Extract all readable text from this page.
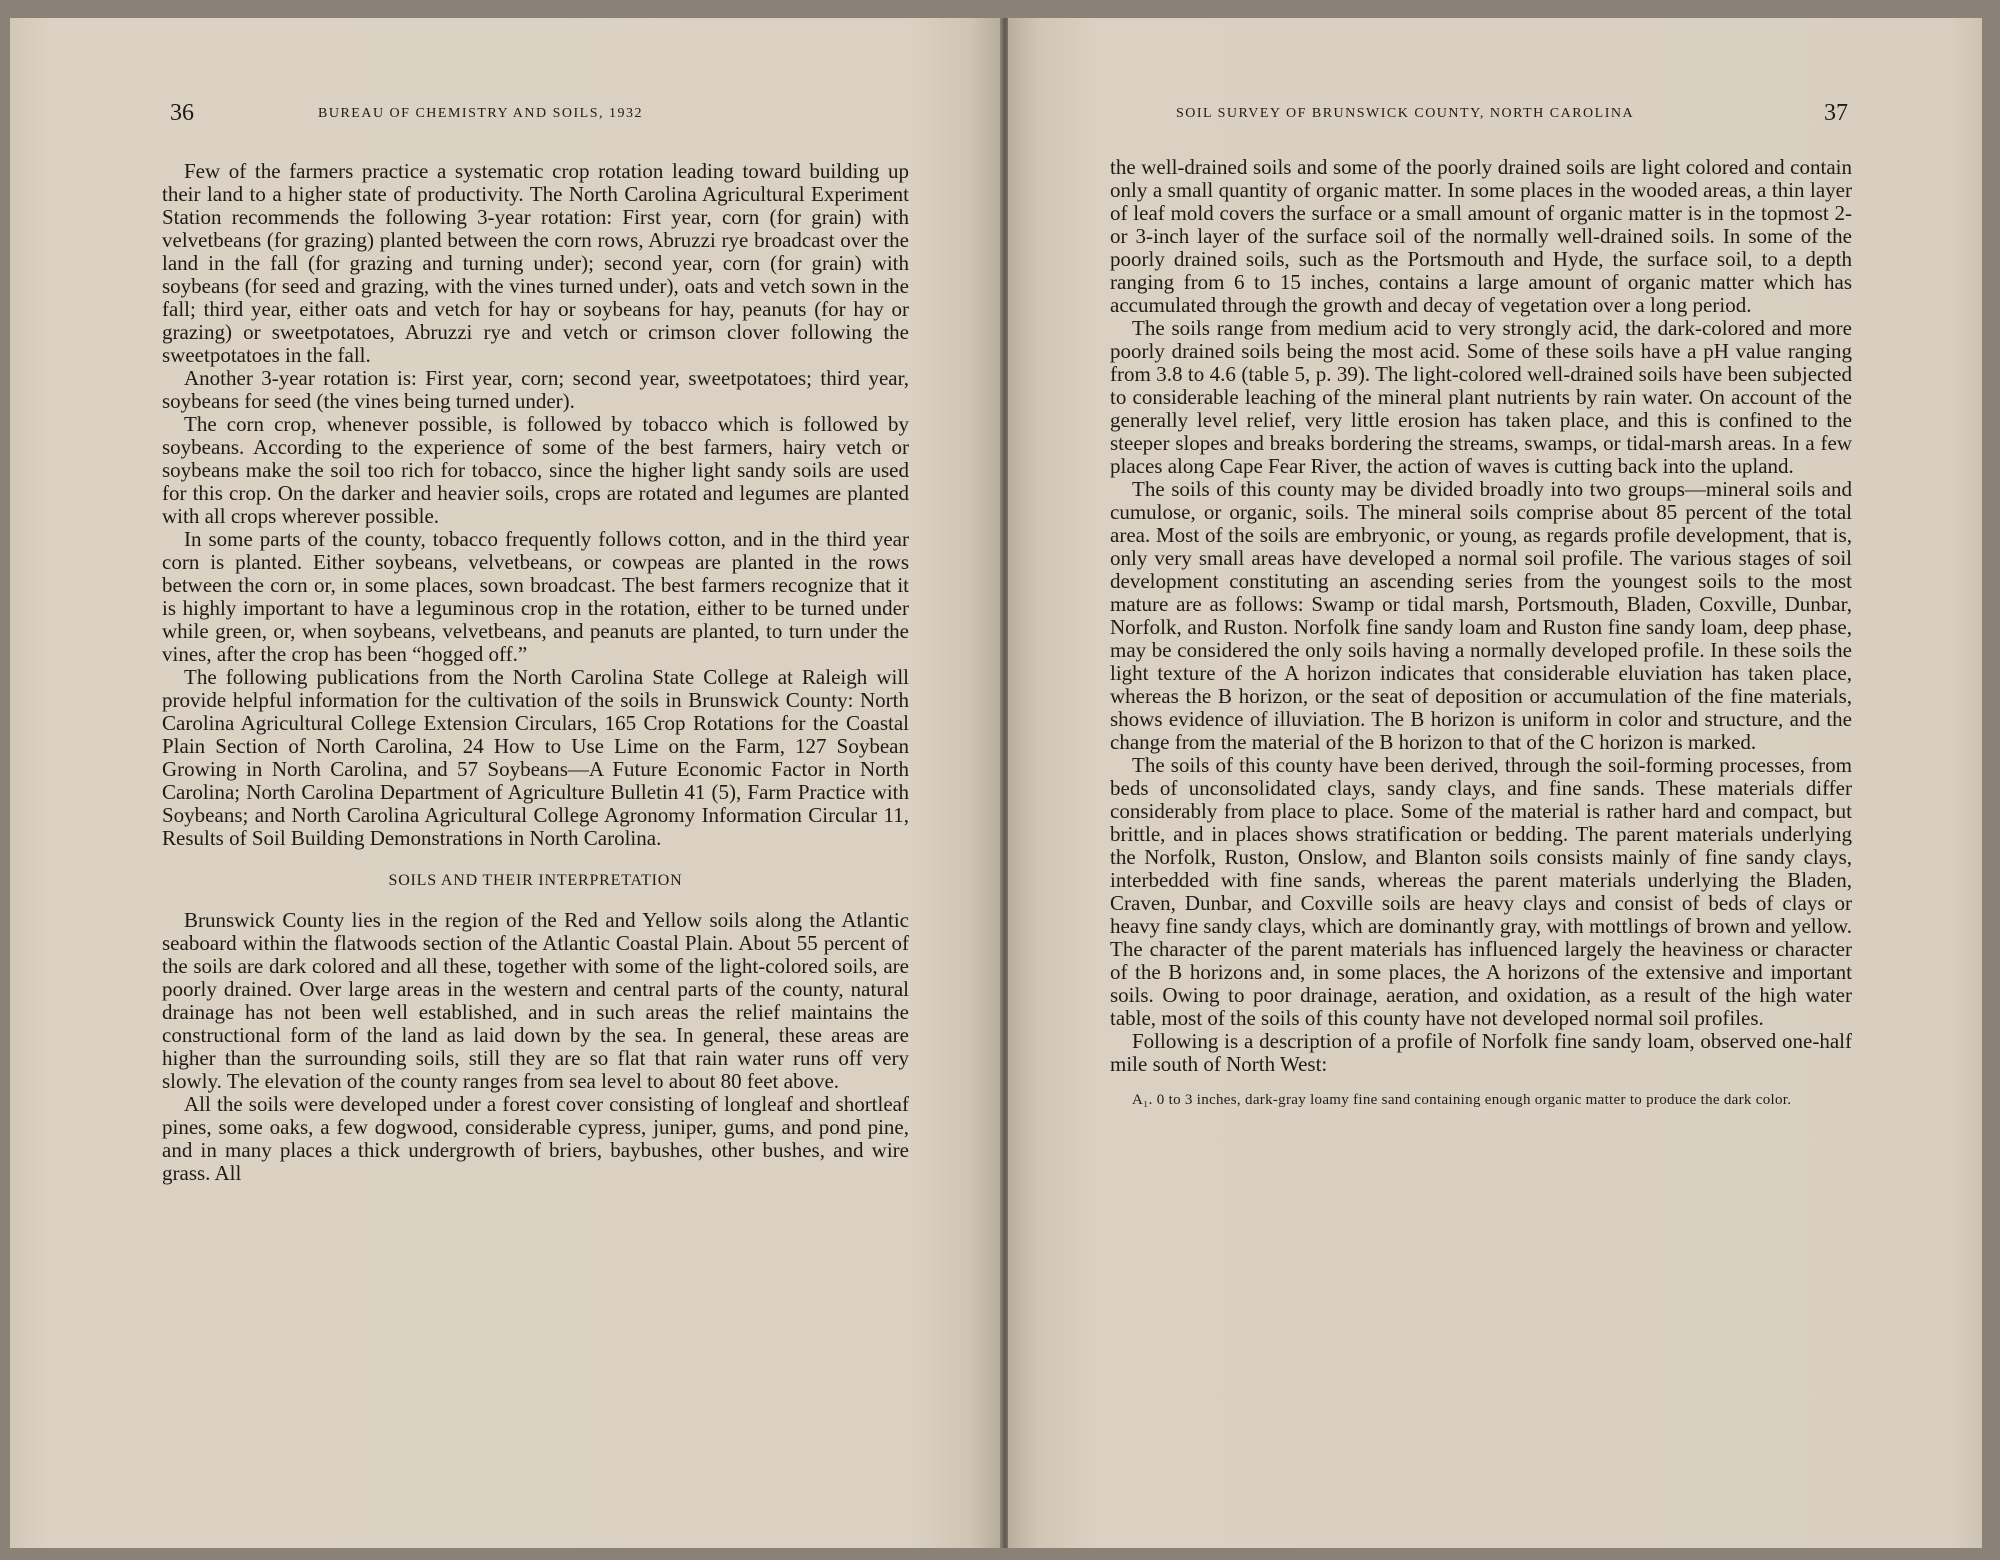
36	BUREAU OF CHEMISTRY AND SOILS, 1932

Few of the farmers practice a systematic crop rotation leading toward building up their land to a higher state of productivity. The North Carolina Agricultural Experiment Station recommends the following 3-year rotation: First year, corn (for grain) with velvetbeans (for grazing) planted between the corn rows, Abruzzi rye broadcast over the land in the fall (for grazing and turning under); second year, corn (for grain) with soybeans (for seed and grazing, with the vines turned under), oats and vetch sown in the fall; third year, either oats and vetch for hay or soybeans for hay, peanuts (for hay or grazing) or sweetpotatoes, Abruzzi rye and vetch or crimson clover following the sweetpotatoes in the fall.

Another 3-year rotation is: First year, corn; second year, sweetpotatoes; third year, soybeans for seed (the vines being turned under).

The corn crop, whenever possible, is followed by tobacco which is followed by soybeans. According to the experience of some of the best farmers, hairy vetch or soybeans make the soil too rich for tobacco, since the higher light sandy soils are used for this crop. On the darker and heavier soils, crops are rotated and legumes are planted with all crops wherever possible.

In some parts of the county, tobacco frequently follows cotton, and in the third year corn is planted. Either soybeans, velvetbeans, or cowpeas are planted in the rows between the corn or, in some places, sown broadcast. The best farmers recognize that it is highly important to have a leguminous crop in the rotation, either to be turned under while green, or, when soybeans, velvetbeans, and peanuts are planted, to turn under the vines, after the crop has been “hogged off.”

The following publications from the North Carolina State College at Raleigh will provide helpful information for the cultivation of the soils in Brunswick County: North Carolina Agricultural College Extension Circulars, 165 Crop Rotations for the Coastal Plain Section of North Carolina, 24 How to Use Lime on the Farm, 127 Soybean Growing in North Carolina, and 57 Soybeans—A Future Economic Factor in North Carolina; North Carolina Department of Agriculture Bulletin 41 (5), Farm Practice with Soybeans; and North Carolina Agricultural College Agronomy Information Circular 11, Results of Soil Building Demonstrations in North Carolina.

SOILS AND THEIR INTERPRETATION

Brunswick County lies in the region of the Red and Yellow soils along the Atlantic seaboard within the flatwoods section of the Atlantic Coastal Plain. About 55 percent of the soils are dark colored and all these, together with some of the light-colored soils, are poorly drained. Over large areas in the western and central parts of the county, natural drainage has not been well established, and in such areas the relief maintains the constructional form of the land as laid down by the sea. In general, these areas are higher than the surrounding soils, still they are so flat that rain water runs off very slowly. The elevation of the county ranges from sea level to about 80 feet above.

All the soils were developed under a forest cover consisting of longleaf and shortleaf pines, some oaks, a few dogwood, considerable cypress, juniper, gums, and pond pine, and in many places a thick undergrowth of briers, baybushes, other bushes, and wire grass. All

SOIL SURVEY OF BRUNSWICK COUNTY, NORTH CAROLINA	37

the well-drained soils and some of the poorly drained soils are light colored and contain only a small quantity of organic matter. In some places in the wooded areas, a thin layer of leaf mold covers the surface or a small amount of organic matter is in the topmost 2- or 3-inch layer of the surface soil of the normally well-drained soils. In some of the poorly drained soils, such as the Portsmouth and Hyde, the surface soil, to a depth ranging from 6 to 15 inches, contains a large amount of organic matter which has accumulated through the growth and decay of vegetation over a long period.

The soils range from medium acid to very strongly acid, the dark-colored and more poorly drained soils being the most acid. Some of these soils have a pH value ranging from 3.8 to 4.6 (table 5, p. 39). The light-colored well-drained soils have been subjected to considerable leaching of the mineral plant nutrients by rain water. On account of the generally level relief, very little erosion has taken place, and this is confined to the steeper slopes and breaks bordering the streams, swamps, or tidal-marsh areas. In a few places along Cape Fear River, the action of waves is cutting back into the upland.

The soils of this county may be divided broadly into two groups—mineral soils and cumulose, or organic, soils. The mineral soils comprise about 85 percent of the total area. Most of the soils are embryonic, or young, as regards profile development, that is, only very small areas have developed a normal soil profile. The various stages of soil development constituting an ascending series from the youngest soils to the most mature are as follows: Swamp or tidal marsh, Portsmouth, Bladen, Coxville, Dunbar, Norfolk, and Ruston. Norfolk fine sandy loam and Ruston fine sandy loam, deep phase, may be considered the only soils having a normally developed profile. In these soils the light texture of the A horizon indicates that considerable eluviation has taken place, whereas the B horizon, or the seat of deposition or accumulation of the fine materials, shows evidence of illuviation. The B horizon is uniform in color and structure, and the change from the material of the B horizon to that of the C horizon is marked.

The soils of this county have been derived, through the soil-forming processes, from beds of unconsolidated clays, sandy clays, and fine sands. These materials differ considerably from place to place. Some of the material is rather hard and compact, but brittle, and in places shows stratification or bedding. The parent materials underlying the Norfolk, Ruston, Onslow, and Blanton soils consists mainly of fine sandy clays, interbedded with fine sands, whereas the parent materials underlying the Bladen, Craven, Dunbar, and Coxville soils are heavy clays and consist of beds of clays or heavy fine sandy clays, which are dominantly gray, with mottlings of brown and yellow. The character of the parent materials has influenced largely the heaviness or character of the B horizons and, in some places, the A horizons of the extensive and important soils. Owing to poor drainage, aeration, and oxidation, as a result of the high water table, most of the soils of this county have not developed normal soil profiles.

Following is a description of a profile of Norfolk fine sandy loam, observed one-half mile south of North West:

A₁. 0 to 3 inches, dark-gray loamy fine sand containing enough organic matter to produce the dark color.
